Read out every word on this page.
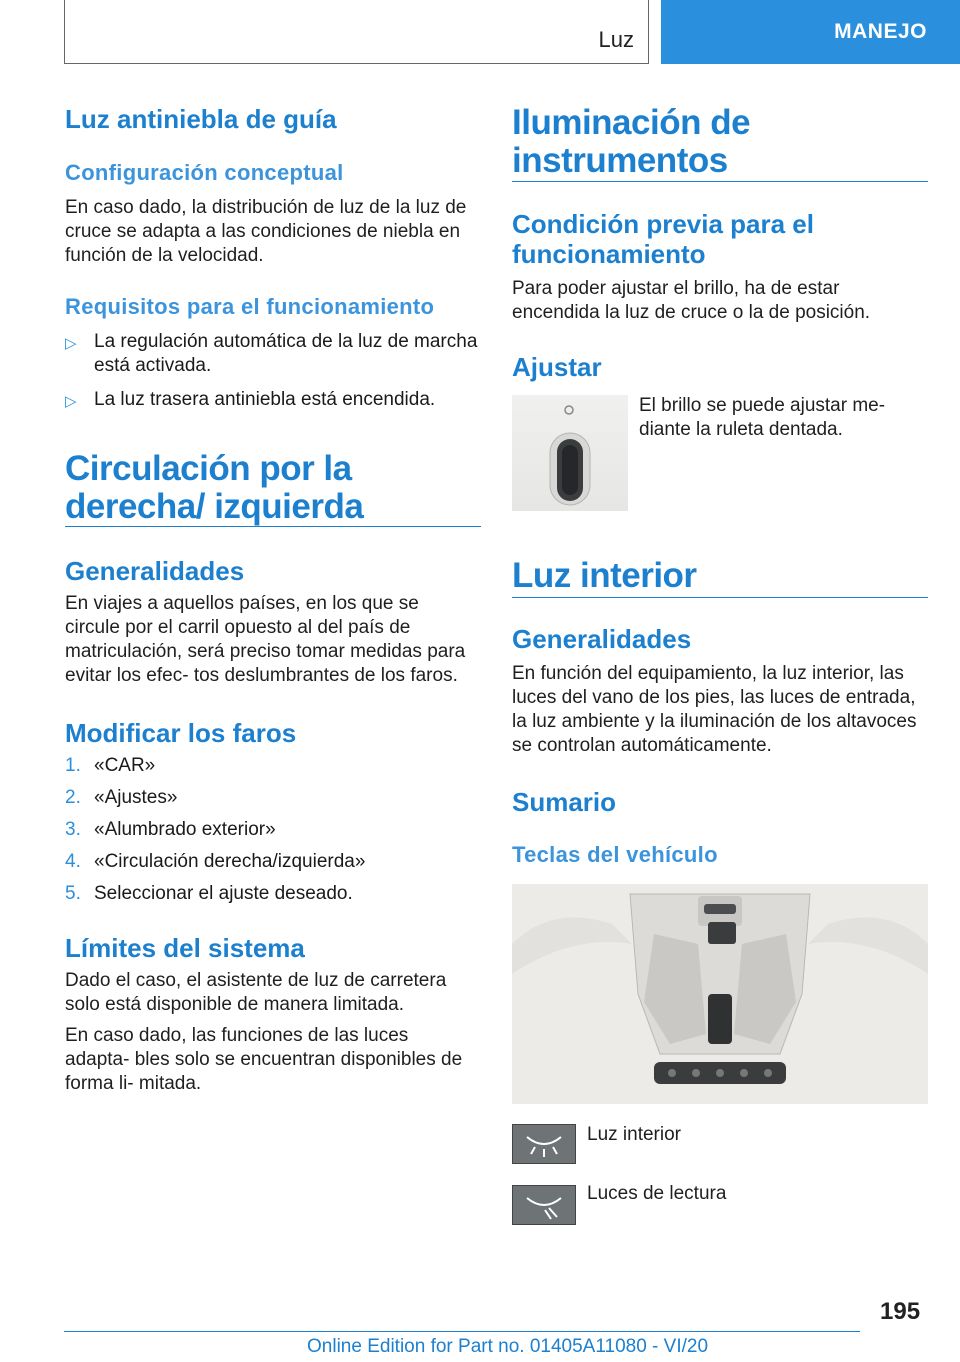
Luz	MANEJO
Luz antiniebla de guía
Configuración conceptual
En caso dado, la distribución de luz de la luz de cruce se adapta a las condiciones de niebla en función de la velocidad.
Requisitos para el funcionamiento
▷ La regulación automática de la luz de marcha está activada.
▷ La luz trasera antiniebla está encendida.
Circulación por la derecha/ izquierda
Generalidades
En viajes a aquellos países, en los que se circule por el carril opuesto al del país de matriculación, será preciso tomar medidas para evitar los efec‐ tos deslumbrantes de los faros.
Modificar los faros
1. «CAR»
2. «Ajustes»
3. «Alumbrado exterior»
4. «Circulación derecha/izquierda»
5. Seleccionar el ajuste deseado.
Límites del sistema
Dado el caso, el asistente de luz de carretera solo está disponible de manera limitada.
En caso dado, las funciones de las luces adapta‐ bles solo se encuentran disponibles de forma li‐ mitada.
Iluminación de instrumentos
Condición previa para el funcionamiento
Para poder ajustar el brillo, ha de estar encendida la luz de cruce o la de posición.
Ajustar
El brillo se puede ajustar me‐ diante la ruleta dentada.
Luz interior
Generalidades
En función del equipamiento, la luz interior, las luces del vano de los pies, las luces de entrada, la luz ambiente y la iluminación de los altavoces se controlan automáticamente.
Sumario
Teclas del vehículo
Luz interior
Luces de lectura
195
Online Edition for Part no. 01405A11080 - VI/20
